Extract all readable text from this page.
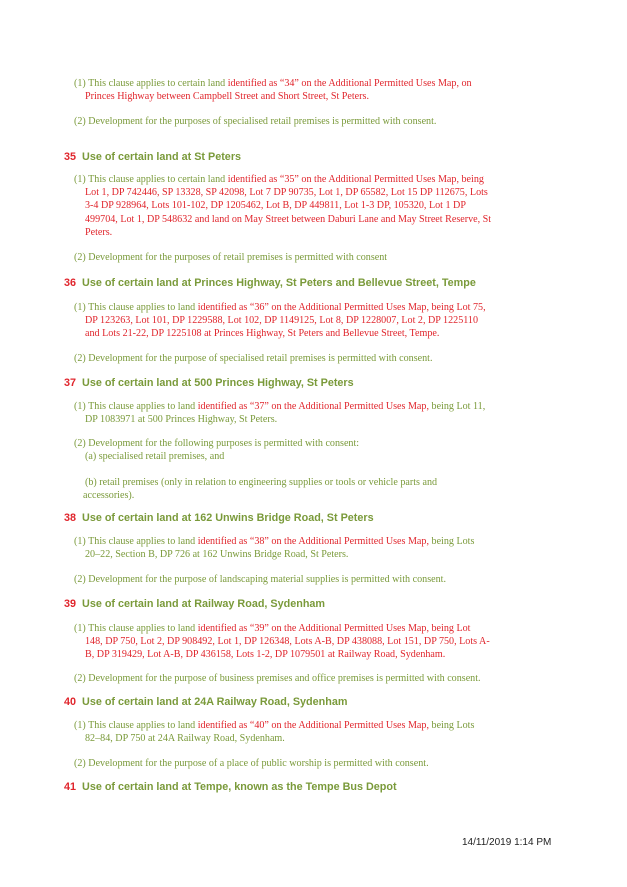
(1) This clause applies to certain land identified as “34” on the Additional Permitted Uses Map, on
Princes Highway between Campbell Street and Short Street, St Peters.
(2) Development for the purposes of specialised retail premises is permitted with consent.
35 Use of certain land at St Peters
(1) This clause applies to certain land identified as “35” on the Additional Permitted Uses Map, being
Lot 1, DP 742446, SP 13328, SP 42098, Lot 7 DP 90735, Lot 1, DP 65582, Lot 15 DP 112675, Lots
3-4 DP 928964, Lots 101-102, DP 1205462, Lot B, DP 449811, Lot 1-3 DP, 105320, Lot 1 DP
499704, Lot 1, DP 548632 and land on May Street between Daburi Lane and May Street Reserve, St
Peters.
(2) Development for the purposes of retail premises is permitted with consent
36 Use of certain land at Princes Highway, St Peters and Bellevue Street, Tempe
(1) This clause applies to land identified as “36” on the Additional Permitted Uses Map, being Lot 75,
DP 123263, Lot 101, DP 1229588, Lot 102, DP 1149125, Lot 8, DP 1228007, Lot 2, DP 1225110
and Lots 21-22, DP 1225108 at Princes Highway, St Peters and Bellevue Street, Tempe.
(2) Development for the purpose of specialised retail premises is permitted with consent.
37 Use of certain land at 500 Princes Highway, St Peters
(1) This clause applies to land identified as “37” on the Additional Permitted Uses Map, being Lot 11,
DP 1083971 at 500 Princes Highway, St Peters.
(2) Development for the following purposes is permitted with consent:
(a) specialised retail premises, and
(b) retail premises (only in relation to engineering supplies or tools or vehicle parts and
accessories).
38 Use of certain land at 162 Unwins Bridge Road, St Peters
(1) This clause applies to land identified as “38” on the Additional Permitted Uses Map, being Lots
20–22, Section B, DP 726 at 162 Unwins Bridge Road, St Peters.
(2) Development for the purpose of landscaping material supplies is permitted with consent.
39 Use of certain land at Railway Road, Sydenham
(1) This clause applies to land identified as “39” on the Additional Permitted Uses Map, being Lot
148, DP 750, Lot 2, DP 908492, Lot 1, DP 126348, Lots A-B, DP 438088, Lot 151, DP 750, Lots A-
B, DP 319429, Lot A-B, DP 436158, Lots 1-2, DP 1079501 at Railway Road, Sydenham.
(2) Development for the purpose of business premises and office premises is permitted with consent.
40 Use of certain land at 24A Railway Road, Sydenham
(1) This clause applies to land identified as “40” on the Additional Permitted Uses Map, being Lots
82–84, DP 750 at 24A Railway Road, Sydenham.
(2) Development for the purpose of a place of public worship is permitted with consent.
41 Use of certain land at Tempe, known as the Tempe Bus Depot
14/11/2019 1:14 PM
